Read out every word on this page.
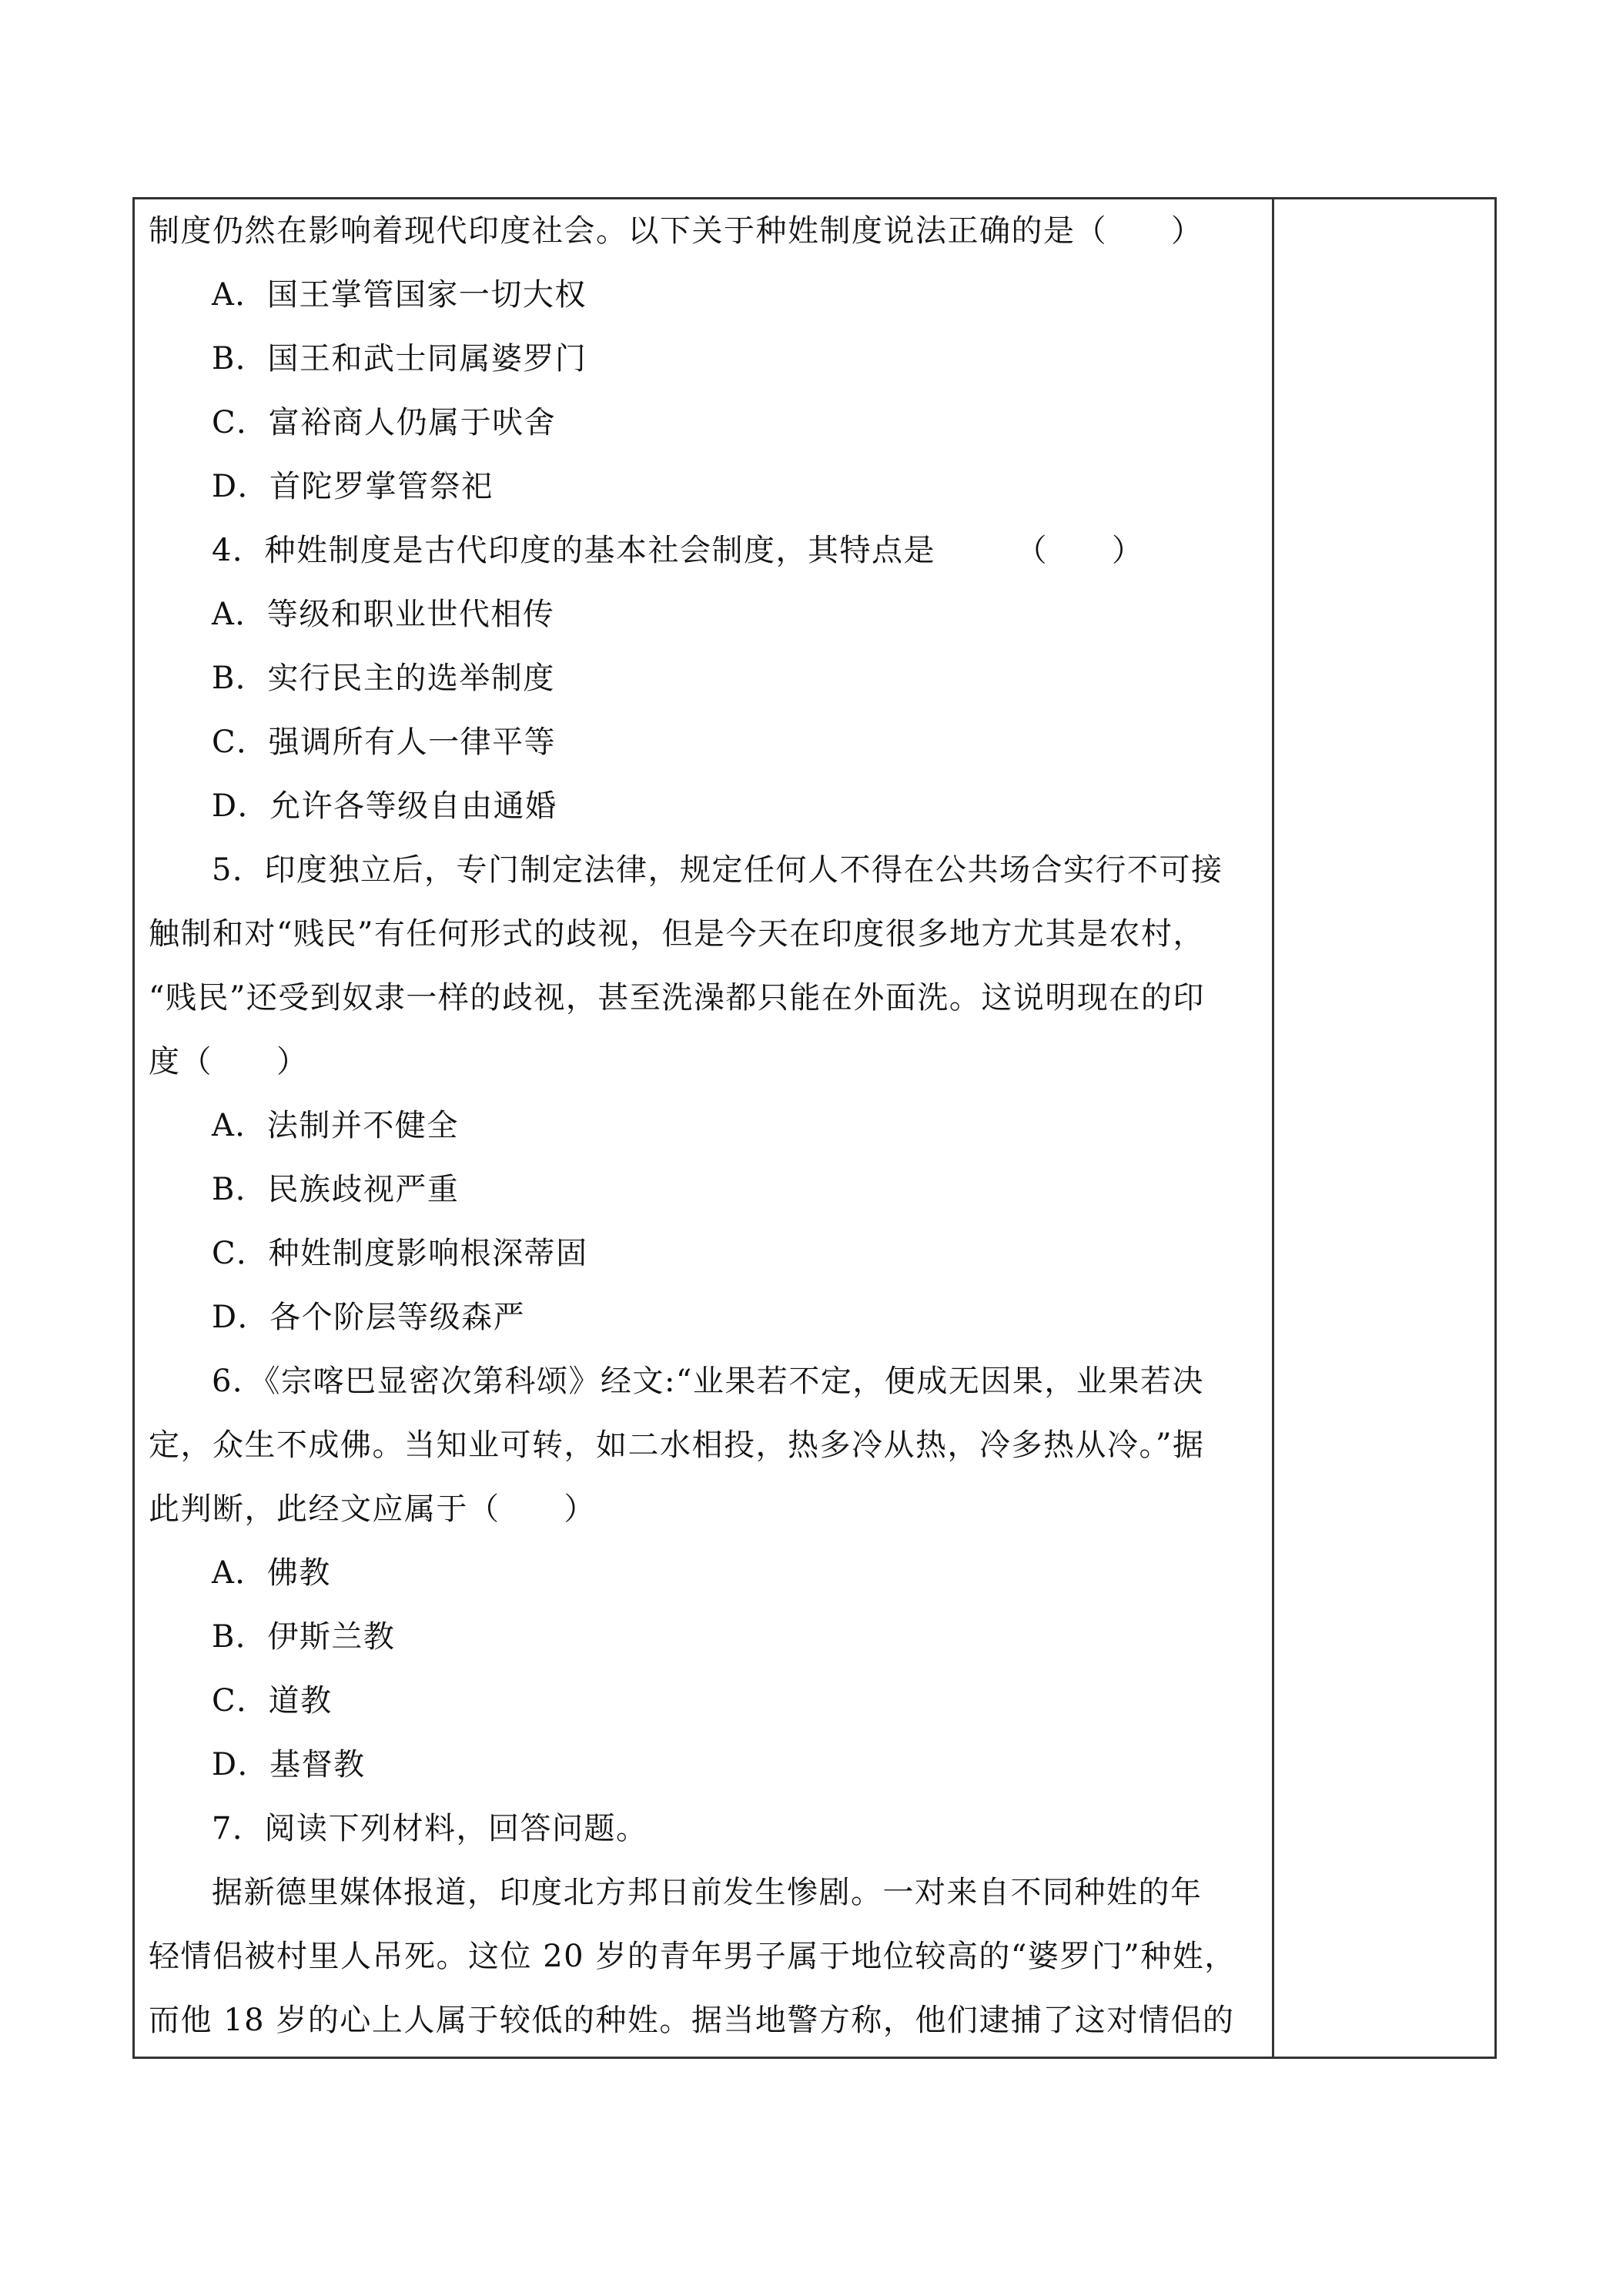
制度仍然在影响着现代印度社会。以下关于种姓制度说法正确的是（　　）
A．国王掌管国家一切大权
B．国王和武士同属婆罗门
C．富裕商人仍属于吠舍
D．首陀罗掌管祭祀
4．种姓制度是古代印度的基本社会制度，其特点是　　　（　　）
A．等级和职业世代相传
B．实行民主的选举制度
C．强调所有人一律平等
D．允许各等级自由通婚
5．印度独立后，专门制定法律，规定任何人不得在公共场合实行不可接
触制和对“贱民”有任何形式的歧视，但是今天在印度很多地方尤其是农村，
“贱民”还受到奴隶一样的歧视，甚至洗澡都只能在外面洗。这说明现在的印
度（　　）
A．法制并不健全
B．民族歧视严重
C．种姓制度影响根深蒂固
D．各个阶层等级森严
6．《宗喀巴显密次第科颂》经文:“业果若不定，便成无因果，业果若决
定，众生不成佛。当知业可转，如二水相投，热多冷从热，冷多热从冷。”据
此判断，此经文应属于（　　）
A．佛教
B．伊斯兰教
C．道教
D．基督教
7．阅读下列材料，回答问题。
据新德里媒体报道，印度北方邦日前发生惨剧。一对来自不同种姓的年
轻情侣被村里人吊死。这位 20 岁的青年男子属于地位较高的“婆罗门”种姓，
而他 18 岁的心上人属于较低的种姓。据当地警方称，他们逮捕了这对情侣的
